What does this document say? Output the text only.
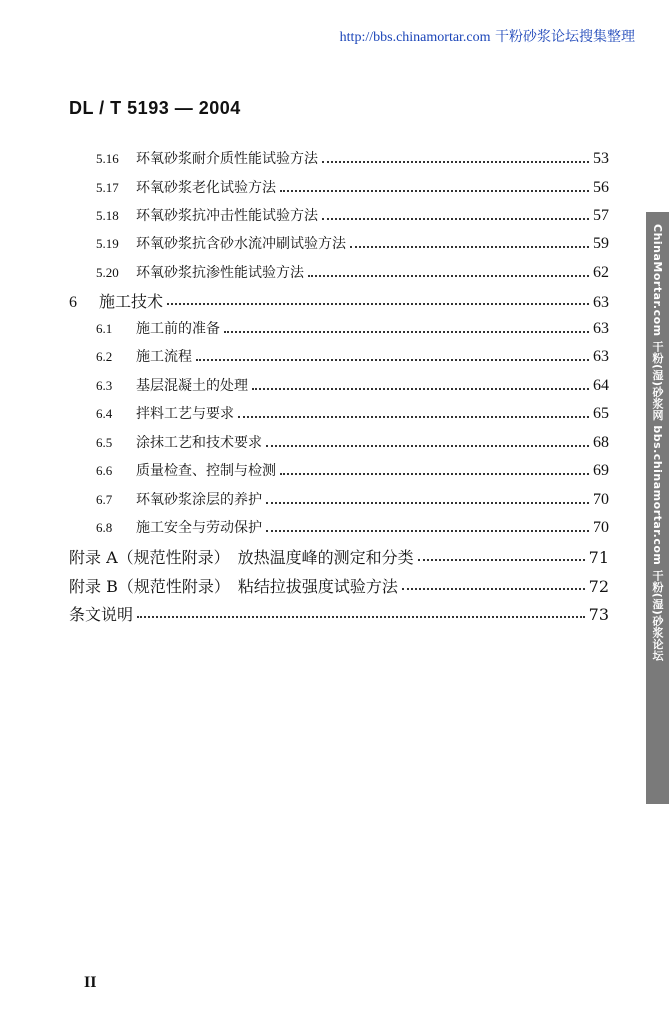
http://bbs.chinamortar.com 干粉砂浆论坛搜集整理
DL / T 5193 — 2004
5.16	环氧砂浆耐介质性能试验方法	53
5.17	环氧砂浆老化试验方法	56
5.18	环氧砂浆抗冲击性能试验方法	57
5.19	环氧砂浆抗含砂水流冲刷试验方法	59
5.20	环氧砂浆抗渗性能试验方法	62
6	施工技术	63
6.1	施工前的准备	63
6.2	施工流程	63
6.3	基层混凝土的处理	64
6.4	拌料工艺与要求	65
6.5	涂抹工艺和技术要求	68
6.6	质量检查、控制与检测	69
6.7	环氧砂浆涂层的养护	70
6.8	施工安全与劳动保护	70
附录 A（规范性附录）　放热温度峰的测定和分类	71
附录 B（规范性附录）　粘结拉拔强度试验方法	72
条文说明	73	ChinaMortar.com 干粉(湿)砂浆网 bbs.chinamortar.com 干粉(湿)砂浆论坛
II
